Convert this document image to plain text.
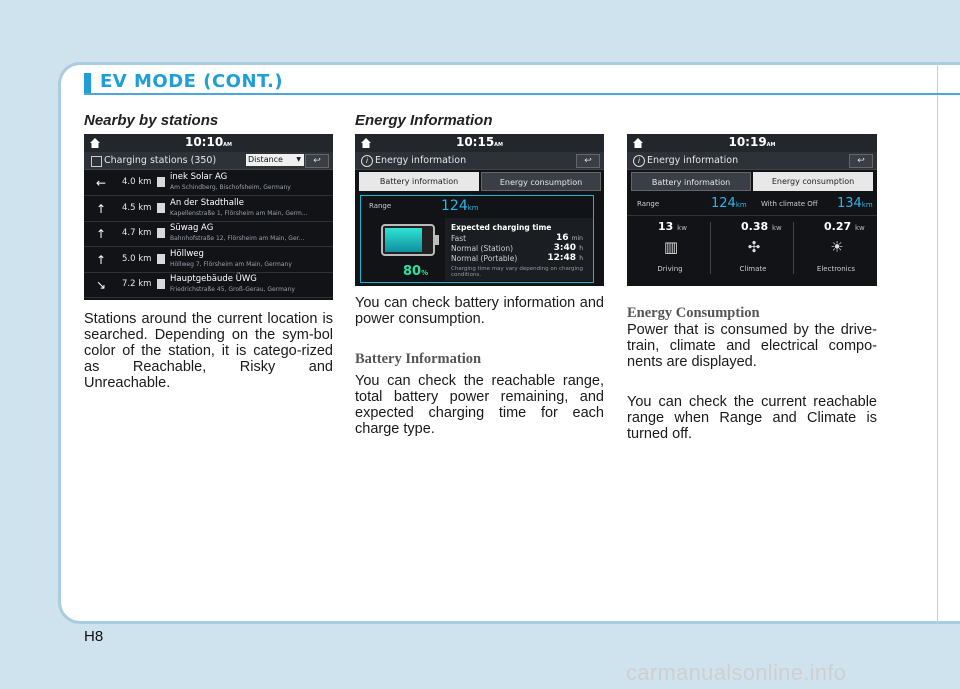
EV MODE (CONT.)
Nearby by stations
10:10AM
Charging stations (350)	Distance ▼	↩
← 4.0 km inek Solar AG
Am Schindberg, Bischofsheim, Germany
↑ 4.5 km An der Stadthalle
Kapellenstraße 1, Flörsheim am Main, Germ...
↑ 4.7 km Süwag AG
Bahnhofstraße 12, Flörsheim am Main, Ger...
↑ 5.0 km Höllweg
Höllweg 7, Flörsheim am Main, Germany
↘ 7.2 km Hauptgebäude ÜWG
Friedrichstraße 45, Groß-Gerau, Germany
Stations around the current location is searched. Depending on the sym-bol color of the station, it is catego-rized as Reachable, Risky and Unreachable.
Energy Information
10:15AM
i Energy information	↩
Battery information	Energy consumption
Range	124km
80%
Expected charging time
Fast	16 min
Normal (Station)	3:40 h
Normal (Portable)	12:48 h
Charging time may vary depending on charging conditions.
You can check battery information and power consumption.
Battery Information
You can check the reachable range, total battery power remaining, and expected charging time for each charge type.
10:19AM
i Energy information	↩
Battery information	Energy consumption
Range	124km With climate Off 134km
13 kw
▥
Driving
0.38 kw
✣
Climate
0.27 kw
☀
Electronics
Energy Consumption
Power that is consumed by the drive-train, climate and electrical compo-nents are displayed.
You can check the current reachable range when Range and Climate is turned off.
H8
carmanualsonline.info
